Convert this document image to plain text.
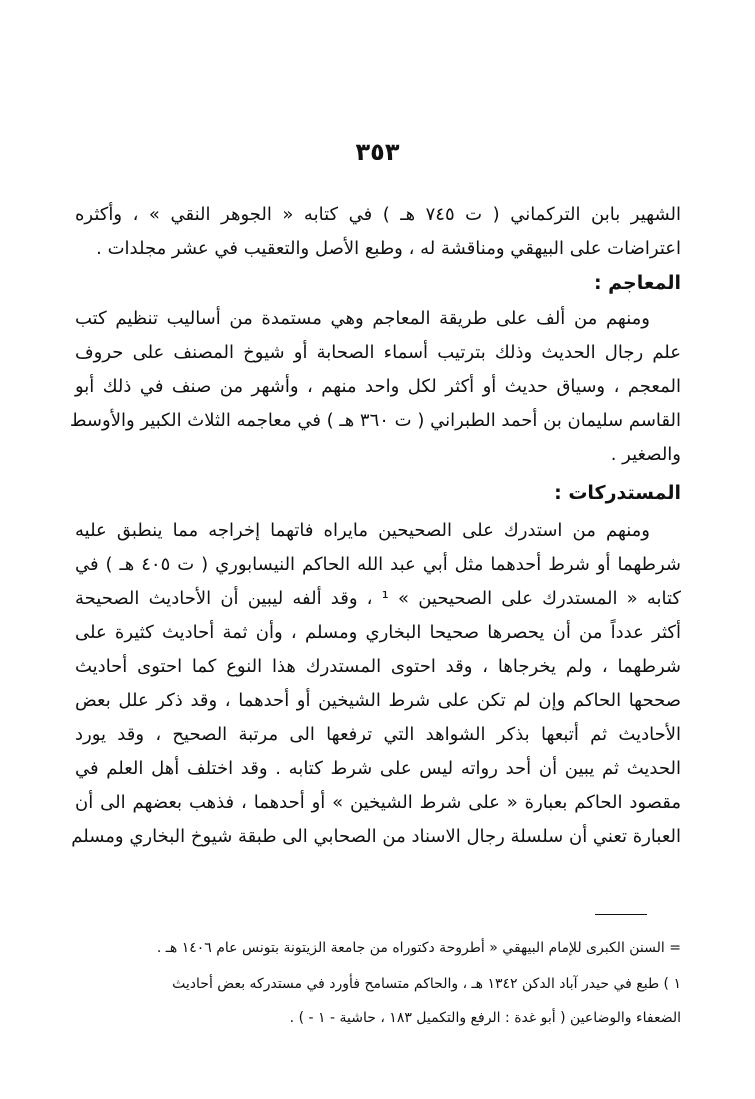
٣٥٣
الشهير بابن التركماني ( ت ٧٤٥ هـ ) في كتابه « الجوهر النقي » ، وأكثره
اعتراضات على البيهقي ومناقشة له ، وطبع الأصل والتعقيب في عشر مجلدات .
المعاجم :
ومنهم من ألف على طريقة المعاجم وهي مستمدة من أساليب تنظيم كتب
علم رجال الحديث وذلك بترتيب أسماء الصحابة أو شيوخ المصنف على حروف
المعجم ، وسياق حديث أو أكثر لكل واحد منهم ، وأشهر من صنف في ذلك أبو
القاسم سليمان بن أحمد الطبراني ( ت ٣٦٠ هـ ) في معاجمه الثلاث الكبير والأوسط
والصغير .
المستدركات :
ومنهم من استدرك على الصحيحين مايراه فاتهما إخراجه مما ينطبق عليه
شرطهما أو شرط أحدهما مثل أبي عبد الله الحاكم النيسابوري ( ت ٤٠٥ هـ ) في
كتابه « المستدرك على الصحيحين » ¹ ، وقد ألفه ليبين أن الأحاديث الصحيحة
أكثر عدداً من أن يحصرها صحيحا البخاري ومسلم ، وأن ثمة أحاديث كثيرة على
شرطهما ، ولم يخرجاها ، وقد احتوى المستدرك هذا النوع كما احتوى أحاديث
صححها الحاكم وإن لم تكن على شرط الشيخين أو أحدهما ، وقد ذكر علل بعض
الأحاديث ثم أتبعها بذكر الشواهد التي ترفعها الى مرتبة الصحيح ، وقد يورد
الحديث ثم يبين أن أحد رواته ليس على شرط كتابه . وقد اختلف أهل العلم في
مقصود الحاكم بعبارة « على شرط الشيخين » أو أحدهما ، فذهب بعضهم الى أن
العبارة تعني أن سلسلة رجال الاسناد من الصحابي الى طبقة شيوخ البخاري ومسلم
= السنن الكبرى للإمام البيهقي « أطروحة دكتوراه من جامعة الزيتونة بتونس عام ١٤٠٦ هـ .
١ ) طبع في حيدر آباد الدكن ١٣٤٢ هـ ، والحاكم متسامح فأورد في مستدركه بعض أحاديث
الضعفاء والوضاعين ( أبو غدة : الرفع والتكميل ١٨٣ ، حاشية - ١ - ) .
